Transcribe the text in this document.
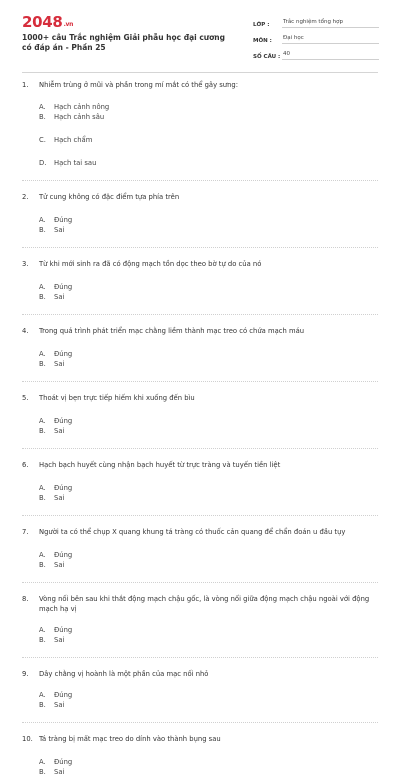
2048.vn
1000+ câu Trắc nghiệm Giải phẫu học đại cương có đáp án - Phần 25
LỚP :	Trắc nghiệm tổng hợp
MÔN :	Đại học
SỐ CÂU : 40
1.	Nhiễm trùng ở mũi và phần trong mí mắt có thể gây sưng:
A.	Hạch cảnh nông
B.	Hạch cảnh sâu
C.	Hạch chẩm
D.	Hạch tai sau
2.	Tử cung không có đặc điểm tựa phía trên
A.	Đúng
B.	Sai
3.	Từ khi mới sinh ra đã có động mạch tồn dọc theo bờ tự do của nó
A.	Đúng
B.	Sai
4.	Trong quá trình phát triển mạc chằng liềm thành mạc treo có chứa mạch máu
A.	Đúng
B.	Sai
5.	Thoát vị bẹn trực tiếp hiếm khi xuống đến bìu
A.	Đúng
B.	Sai
6.	Hạch bạch huyết cùng nhận bạch huyết từ trực tràng và tuyến tiền liệt
A.	Đúng
B.	Sai
7.	Người ta có thể chụp X quang khung tá tràng có thuốc cản quang để chẩn đoán u đầu tụy
A.	Đúng
B.	Sai
8.	Vòng nối bên sau khi thắt động mạch chậu gốc, là vòng nối giữa động mạch chậu ngoài với động mạch hạ vị
A.	Đúng
B.	Sai
9.	Dây chằng vị hoành là một phần của mạc nối nhỏ
A.	Đúng
B.	Sai
10. Tá tràng bị mất mạc treo do dính vào thành bụng sau
A.	Đúng
B.	Sai
